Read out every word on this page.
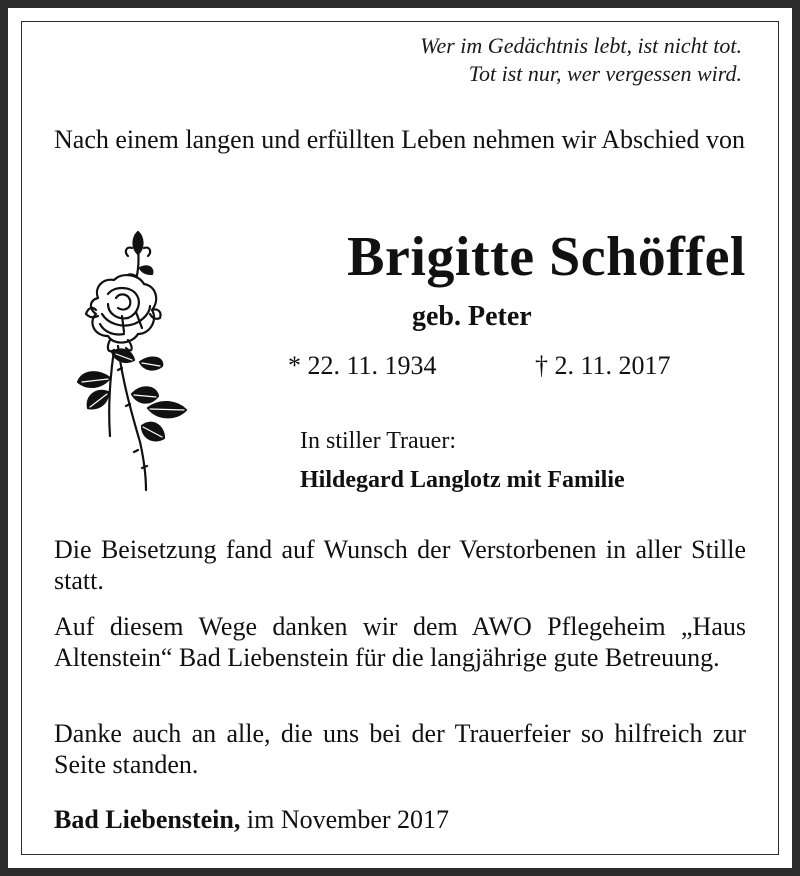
Wer im Gedächtnis lebt, ist nicht tot.
Tot ist nur, wer vergessen wird.

Nach einem langen und erfüllten Leben nehmen wir Abschied von

Brigitte Schöffel
geb. Peter
* 22. 11. 1934	† 2. 11. 2017
In stiller Trauer:
Hildegard Langlotz mit Familie

Die Beisetzung fand auf Wunsch der Verstorbenen in aller Stille statt.

Auf diesem Wege danken wir dem AWO Pflegeheim „Haus Altenstein“ Bad Liebenstein für die langjährige gute Betreuung.

Danke auch an alle, die uns bei der Trauerfeier so hilfreich zur Seite standen.

Bad Liebenstein, im November 2017
